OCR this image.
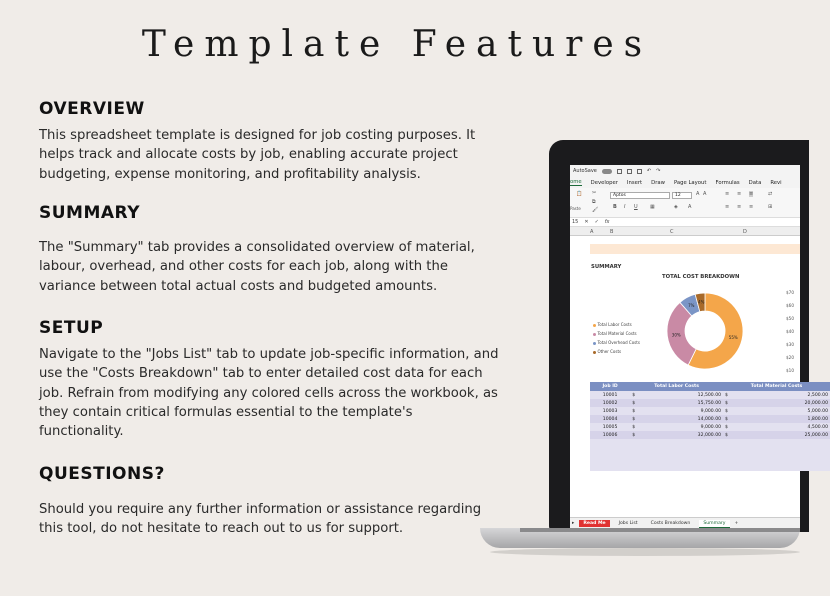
Template Features
OVERVIEW
This spreadsheet template is designed for job costing purposes. It helps track and allocate costs by job, enabling accurate project budgeting, expense monitoring, and profitability analysis.
SUMMARY
The "Summary" tab provides a consolidated overview of material, labour, overhead, and other costs for each job, along with the variance between total actual costs and budgeted amounts.
SETUP
Navigate to the "Jobs List" tab to update job-specific information, and use the "Costs Breakdown" tab to enter detailed cost data for each job. Refrain from modifying any colored cells across the workbook, as they contain critical formulas essential to the template's functionality.
QUESTIONS?
Should you require any further information or assistance regarding this tool, do not hesitate to reach out to us for support.
AutoSave	↶ ↷
ome Developer Insert Draw Page Layout Formulas Data Revi
📋
Paste
✂
⧉
🖌
Aptos	12	A A
B I U ▦	◈ A
≡ ≡ ≡
≡ ≡ ≡
⇄
⊞
15 ✕ ✓ fx
A	B	C	D
SUMMARY
TOTAL COST BREAKDOWN
Total Labor Costs
Total Material Costs
Total Overhead Costs
Other Costs
55%
30%
7%
4%
$70
$60
$50
$40
$30
$20
$10
Job ID	Total Labor Costs		Total Material Costs	
10001	$	12,500.00	$	2,500.00
10002	$	15,750.00	$	20,000.00
10003	$	9,000.00	$	5,000.00
10004	$	14,000.00	$	1,800.00
10005	$	9,000.00	$	4,500.00
10006	$	32,000.00	$	25,000.00

▸	Read Me	Jobs List	Costs Breakdown	Summary	+
